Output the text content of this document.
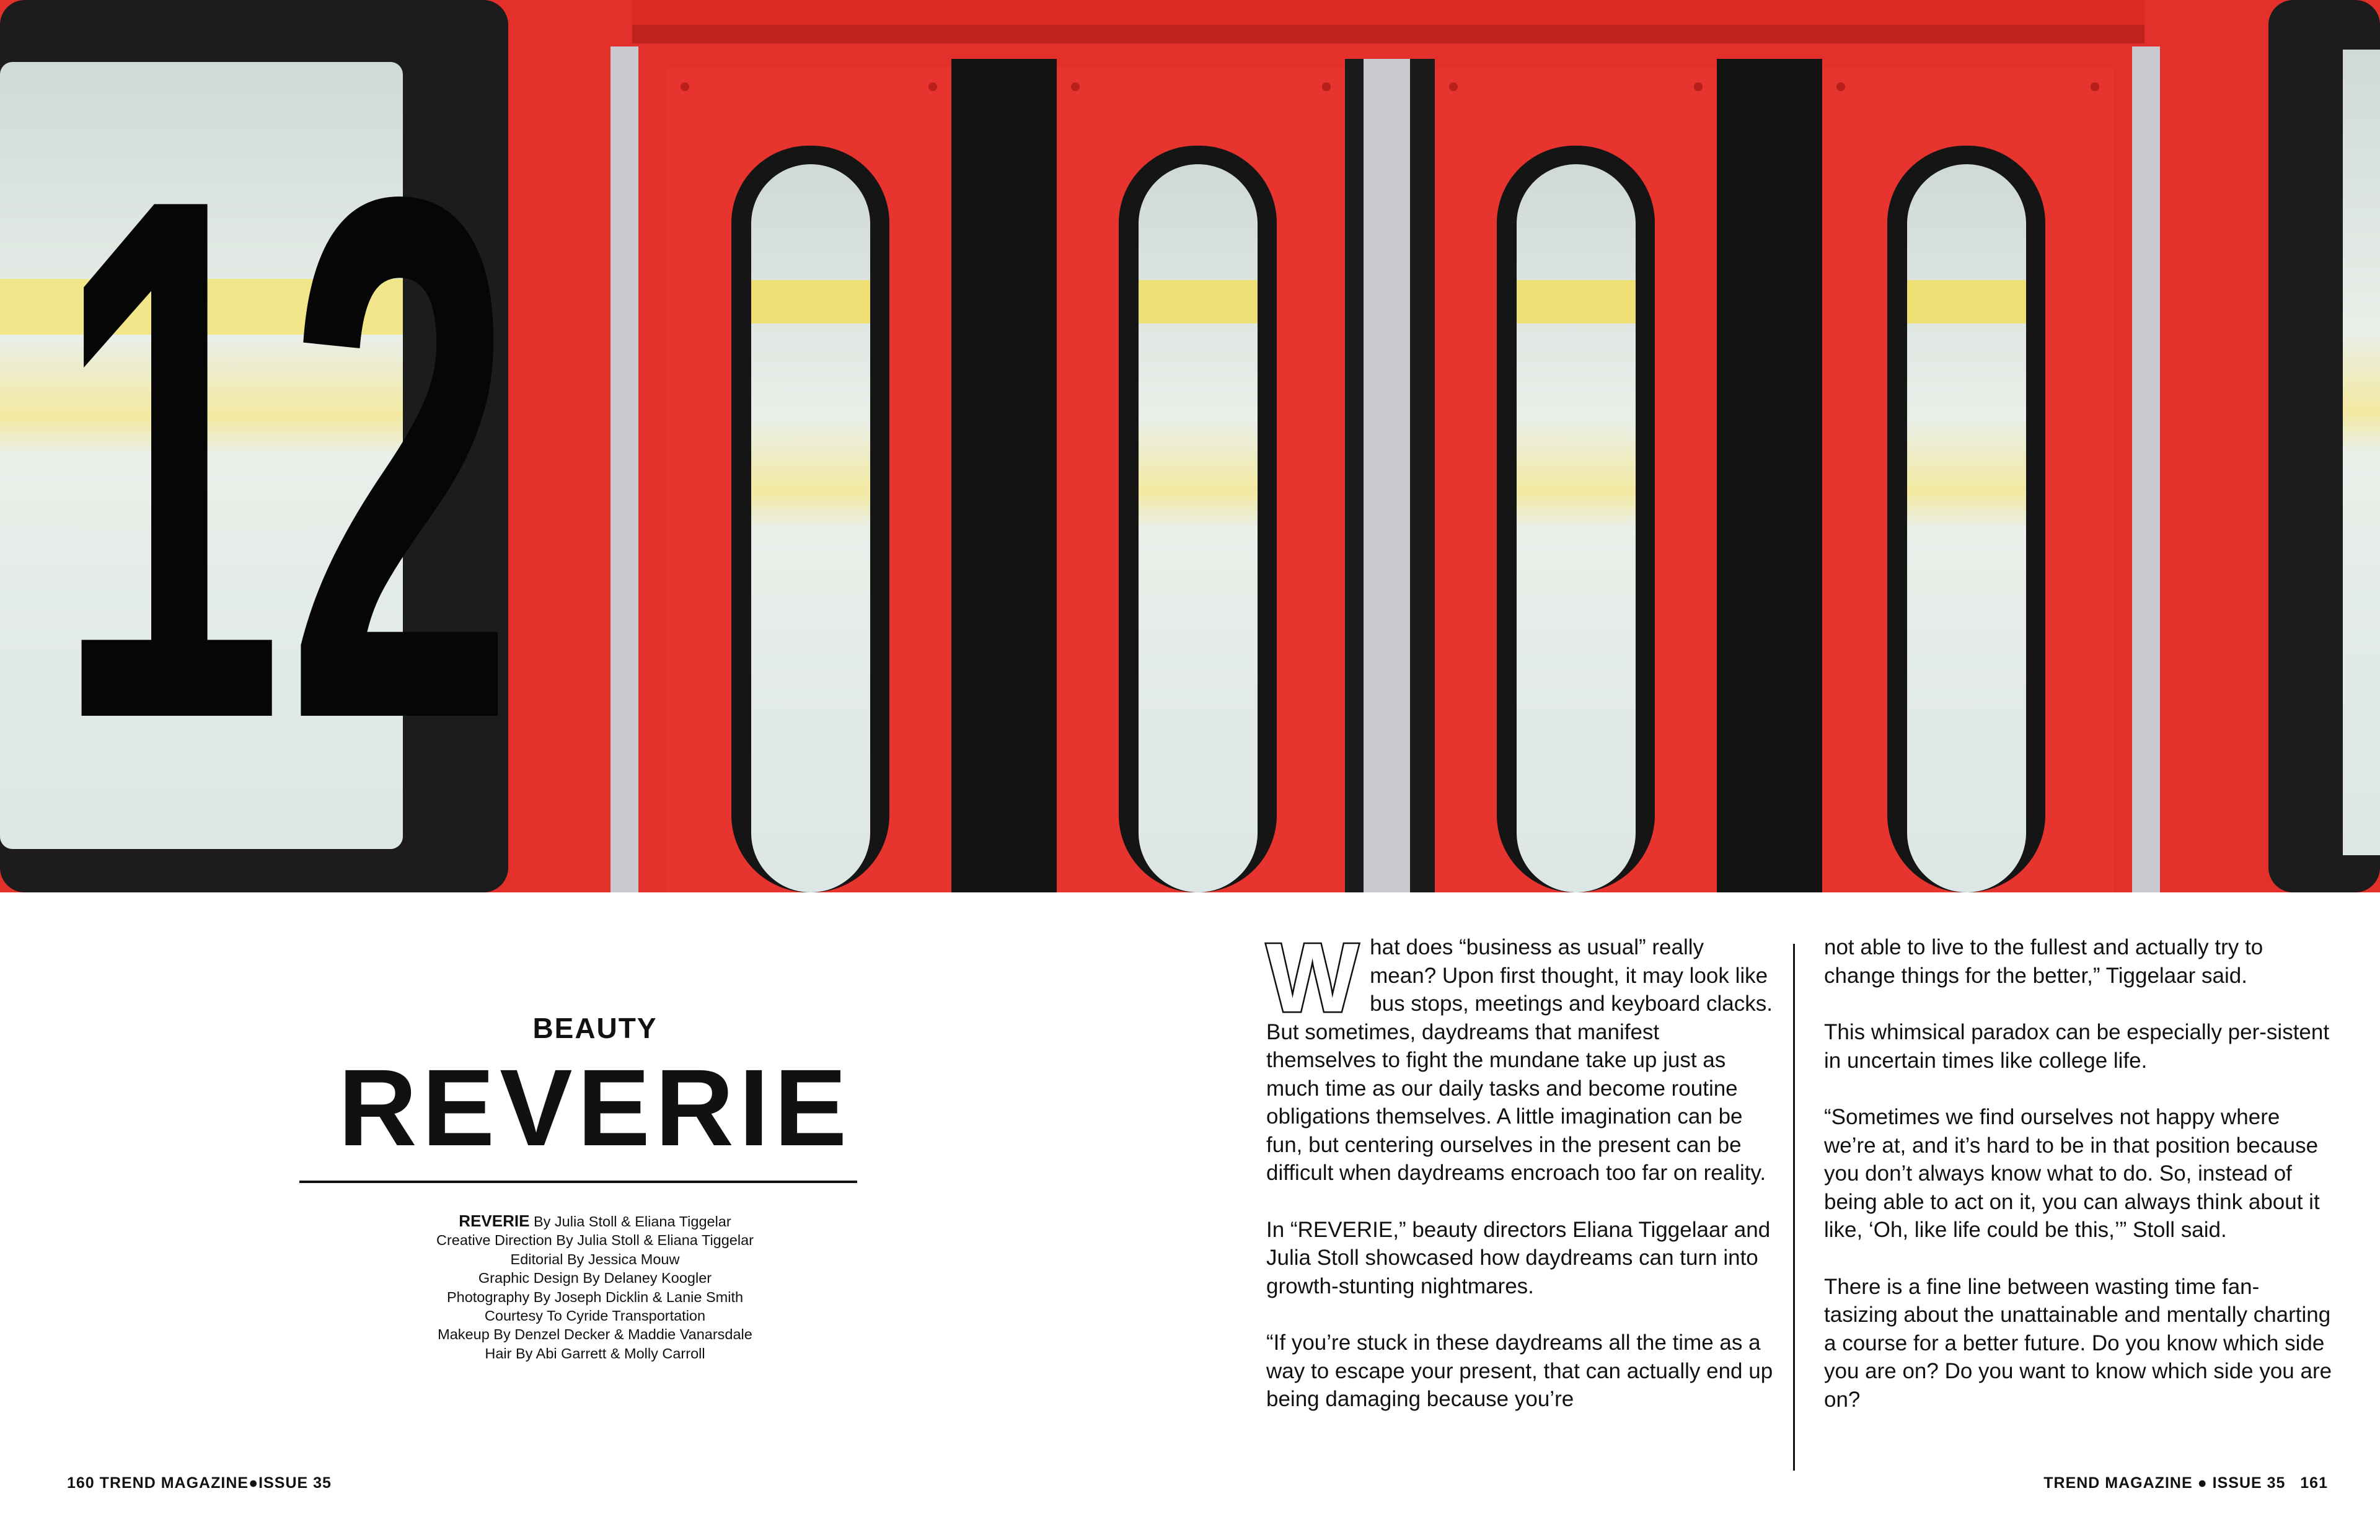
12
BEAUTY
REVERIE
REVERIE By Julia Stoll & Eliana Tiggelar
Creative Direction By Julia Stoll & Eliana Tiggelar
Editorial By Jessica Mouw
Graphic Design By Delaney Koogler
Photography By Joseph Dicklin & Lanie Smith
Courtesy To Cyride Transportation
Makeup By Denzel Decker & Maddie Vanarsdale
Hair By Abi Garrett & Molly Carroll
160 TREND MAGAZINE●ISSUE 35

What does “business as usual” really mean? Upon first thought, it may look like bus stops, meetings and keyboard clacks. But sometimes, daydreams that manifest themselves to fight the mundane take up just as much time as our daily tasks and become routine obligations themselves. A little imagination can be fun, but centering ourselves in the present can be difficult when daydreams encroach too far on reality.

In “REVERIE,” beauty directors Eliana Tiggelaar and Julia Stoll showcased how daydreams can turn into growth-stunting nightmares.

“If you’re stuck in these daydreams all the time as a way to escape your present, that can actually end up being damaging because you’re

not able to live to the fullest and actually try to change things for the better,” Tiggelaar said.

This whimsical paradox can be especially per-sistent in uncertain times like college life.

“Sometimes we find ourselves not happy where we’re at, and it’s hard to be in that position because you don’t always know what to do. So, instead of being able to act on it, you can always think about it like, ‘Oh, like life could be this,’” Stoll said.

There is a fine line between wasting time fan-tasizing about the unattainable and mentally charting a course for a better future. Do you know which side you are on? Do you want to know which side you are on?

TREND MAGAZINE ● ISSUE 35 161
